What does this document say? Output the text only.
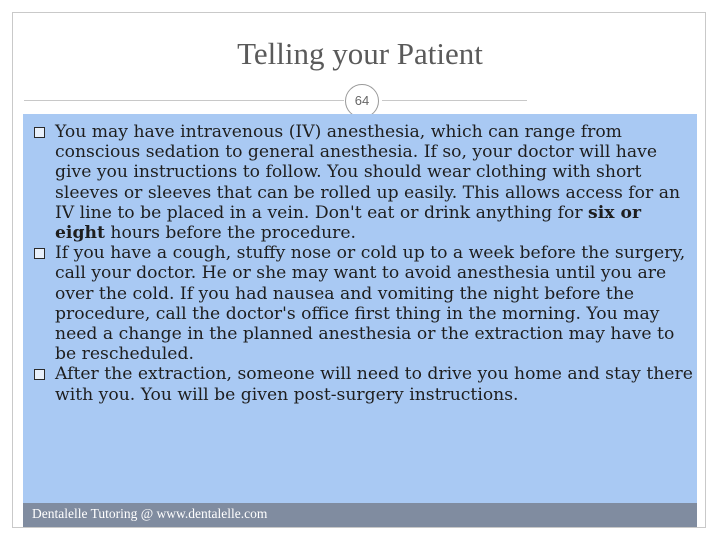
Telling your Patient
64
You may have intravenous (IV) anesthesia, which can range from conscious sedation to general anesthesia. If so, your doctor will have give you instructions to follow. You should wear clothing with short sleeves or sleeves that can be rolled up easily. This allows access for an IV line to be placed in a vein. Don't eat or drink anything for six or eight hours before the procedure.
If you have a cough, stuffy nose or cold up to a week before the surgery, call your doctor. He or she may want to avoid anesthesia until you are over the cold. If you had nausea and vomiting the night before the procedure, call the doctor's office first thing in the morning. You may need a change in the planned anesthesia or the extraction may have to be rescheduled.
After the extraction, someone will need to drive you home and stay there with you. You will be given post-surgery instructions.
Dentalelle Tutoring @ www.dentalelle.com
